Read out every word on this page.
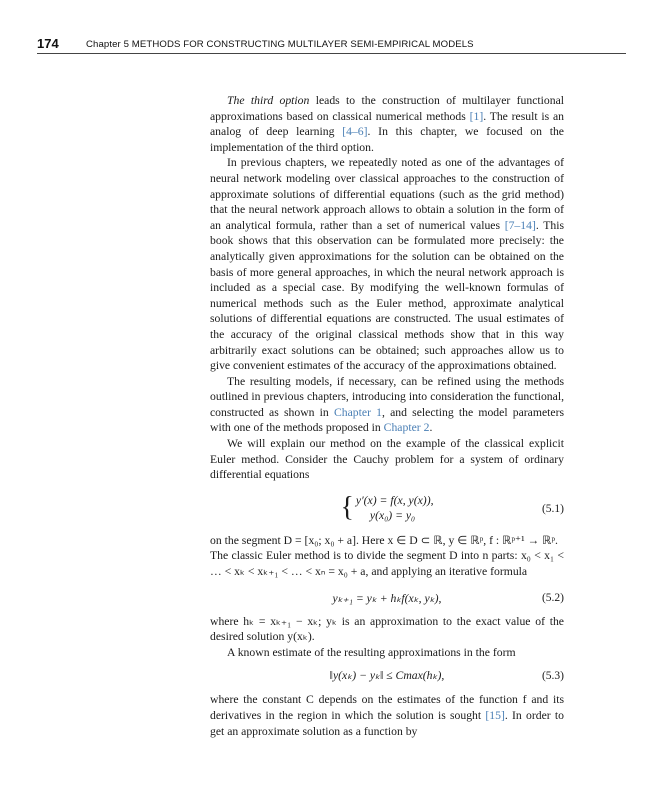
174	Chapter 5 METHODS FOR CONSTRUCTING MULTILAYER SEMI-EMPIRICAL MODELS

The third option leads to the construction of multilayer functional approximations based on classical numerical methods [1]. The result is an analog of deep learning [4–6]. In this chapter, we focused on the implementation of the third option.

In previous chapters, we repeatedly noted as one of the advantages of neural network modeling over classical approaches to the construction of approximate solutions of differential equations (such as the grid method) that the neural network approach allows to obtain a solution in the form of an analytical formula, rather than a set of numerical values [7–14]. This book shows that this observation can be formulated more precisely: the analytically given approximations for the solution can be obtained on the basis of more general approaches, in which the neural network approach is included as a special case. By modifying the well-known formulas of numerical methods such as the Euler method, approximate analytical solutions of differential equations are constructed. The usual estimates of the accuracy of the original classical methods show that in this way arbitrarily exact solutions can be obtained; such approaches allow us to give convenient estimates of the accuracy of the approximations obtained.

The resulting models, if necessary, can be refined using the methods outlined in previous chapters, introducing into consideration the functional, constructed as shown in Chapter 1, and selecting the model parameters with one of the methods proposed in Chapter 2.

We will explain our method on the example of the classical explicit Euler method. Consider the Cauchy problem for a system of ordinary differential equations

{ y′(x) = f(x, y(x)),
y(x₀) = y₀	(5.1)

on the segment D = [x₀; x₀ + a]. Here x ∈ D ⊂ ℝ, y ∈ ℝᵖ, f : ℝᵖ⁺¹ → ℝᵖ.

The classic Euler method is to divide the segment D into n parts: x₀ < x₁ < … < xₖ < xₖ₊₁ < … < xₙ = x₀ + a, and applying an iterative formula

yₖ₊₁ = yₖ + hₖf(xₖ, yₖ),	(5.2)

where hₖ = xₖ₊₁ − xₖ; yₖ is an approximation to the exact value of the desired solution y(xₖ).

A known estimate of the resulting approximations in the form

‖y(xₖ) − yₖ‖ ≤ Cmax(hₖ),	(5.3)

where the constant C depends on the estimates of the function f and its derivatives in the region in which the solution is sought [15]. In order to get an approximate solution as a function by
